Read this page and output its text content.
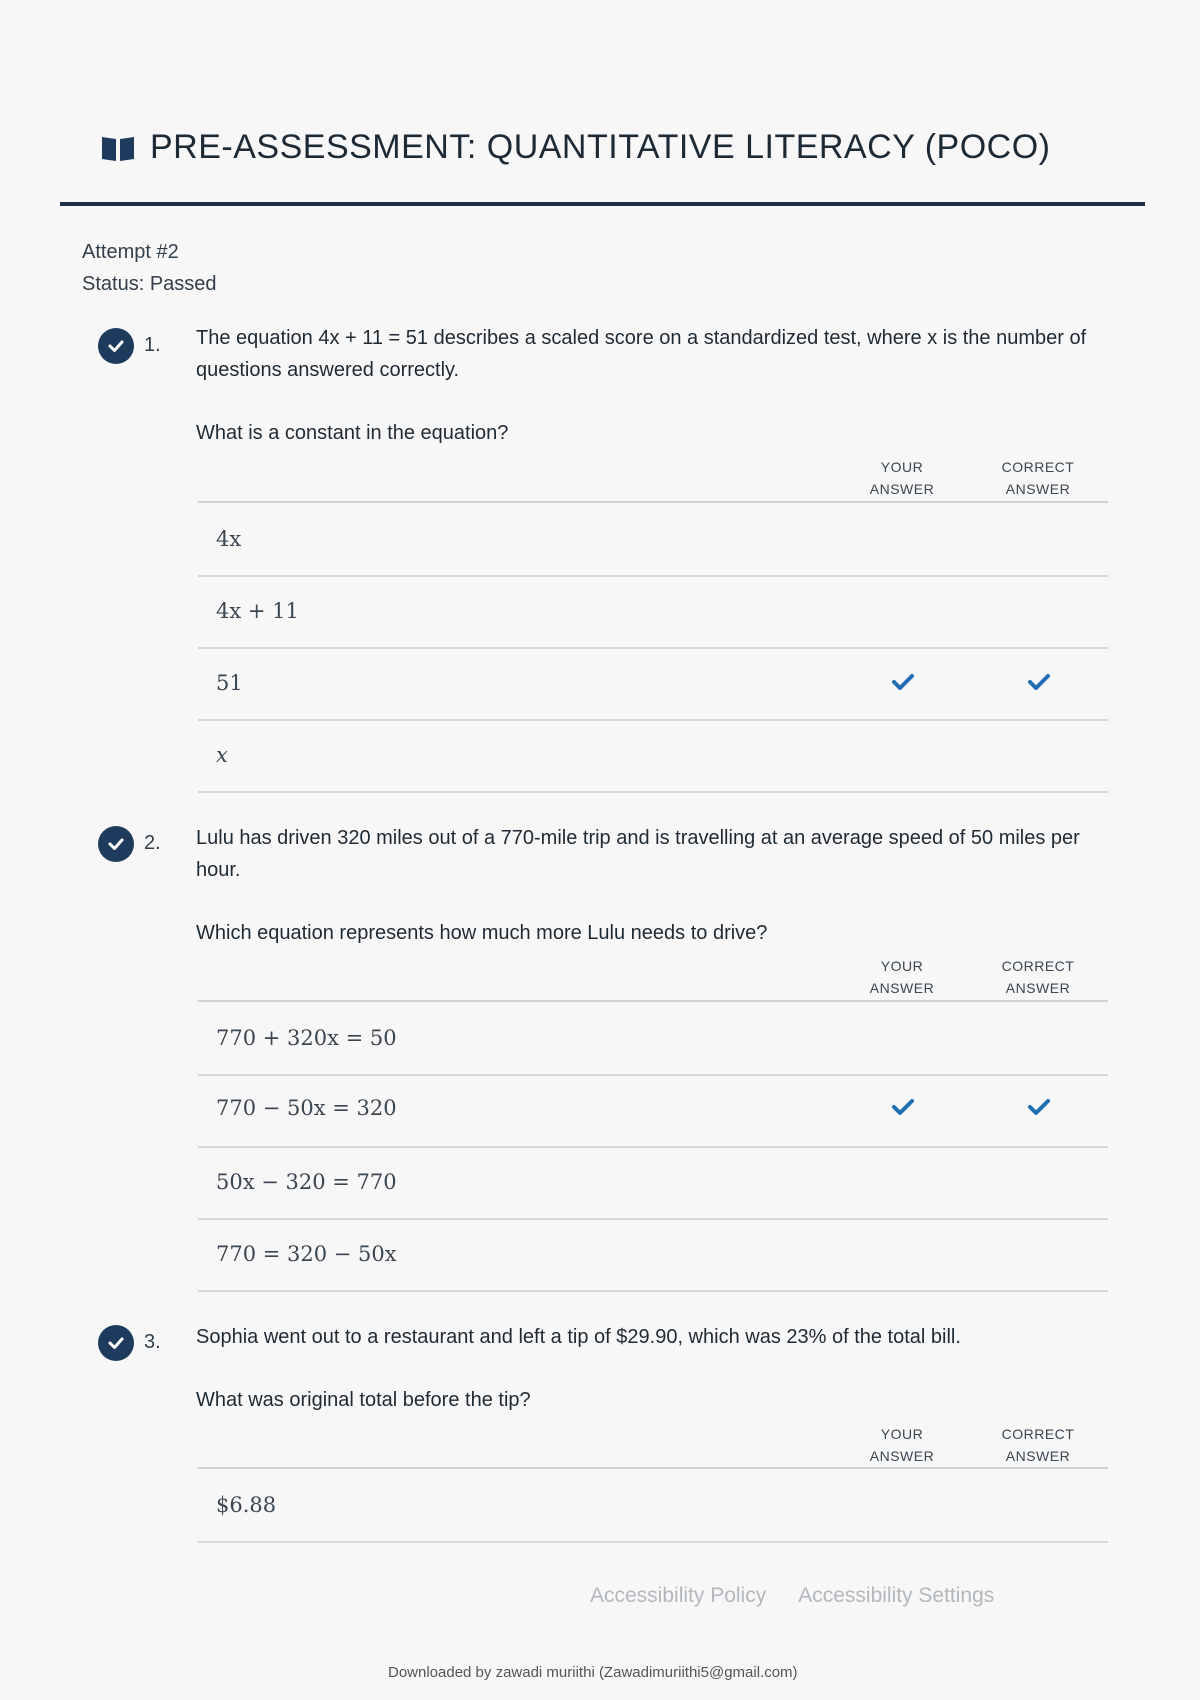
PRE-ASSESSMENT: QUANTITATIVE LITERACY (POCO)
Attempt #2
Status: Passed
1. The equation 4x + 11 = 51 describes a scaled score on a standardized test, where x is the number of questions answered correctly.
What is a constant in the equation?
YOUR
ANSWER
CORRECT
ANSWER
4x
4x + 11
51
x
2. Lulu has driven 320 miles out of a 770-mile trip and is travelling at an average speed of 50 miles per hour.
Which equation represents how much more Lulu needs to drive?
YOUR
ANSWER
CORRECT
ANSWER
770 + 320x = 50
770 − 50x = 320
50x − 320 = 770
770 = 320 − 50x
3. Sophia went out to a restaurant and left a tip of $29.90, which was 23% of the total bill.
What was original total before the tip?
YOUR
ANSWER
CORRECT
ANSWER
$6.88
Accessibility Policy Accessibility Settings
Downloaded by zawadi muriithi (Zawadimuriithi5@gmail.com)
